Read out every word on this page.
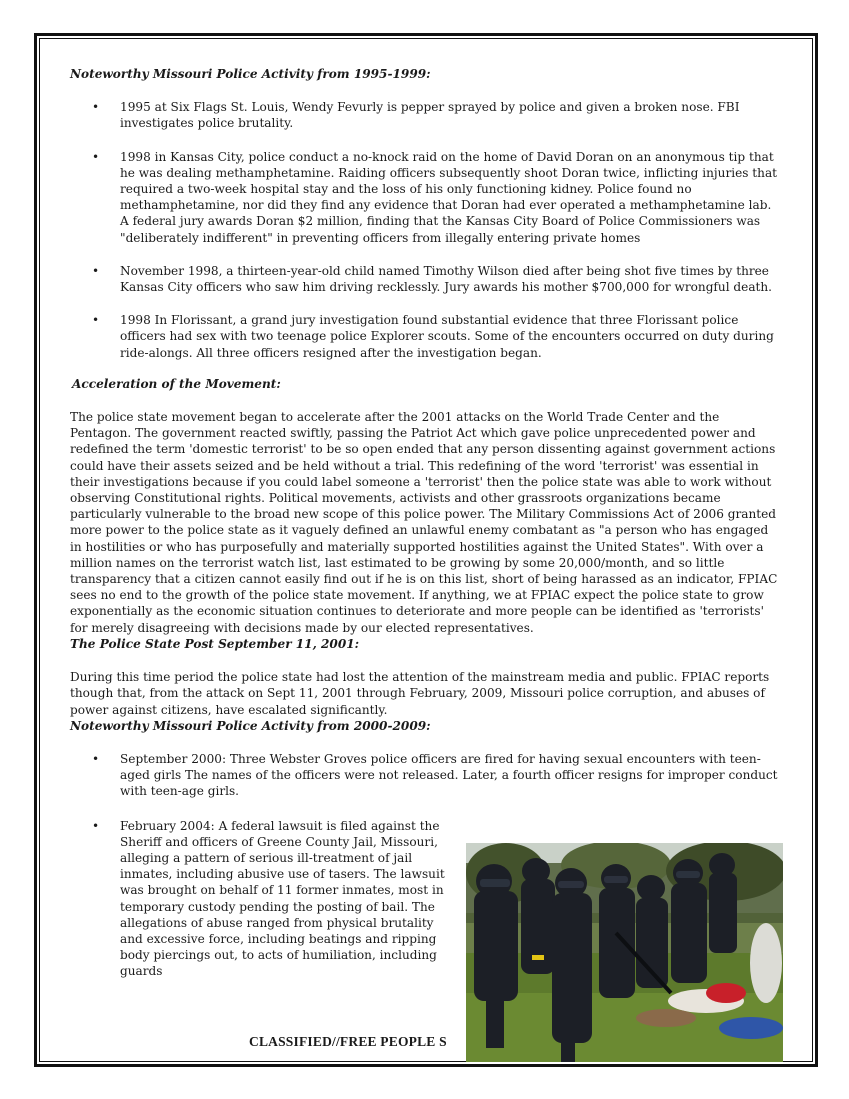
Noteworthy Missouri Police Activity from 1995-1999:

• 1995 at Six Flags St. Louis, Wendy Fevurly is pepper sprayed by police and given a broken nose. FBI investigates police brutality.
• 1998 in Kansas City, police conduct a no-knock raid on the home of David Doran on an anonymous tip that he was dealing methamphetamine. Raiding officers subsequently shoot Doran twice, inflicting injuries that required a two-week hospital stay and the loss of his only functioning kidney. Police found no methamphetamine, nor did they find any evidence that Doran had ever operated a methamphetamine lab. A federal jury awards Doran $2 million, finding that the Kansas City Board of Police Commissioners was "deliberately indifferent" in preventing officers from illegally entering private homes
• November 1998, a thirteen-year-old child named Timothy Wilson died after being shot five times by three Kansas City officers who saw him driving recklessly. Jury awards his mother $700,000 for wrongful death.
• 1998 In Florissant, a grand jury investigation found substantial evidence that three Florissant police officers had sex with two teenage police Explorer scouts. Some of the encounters occurred on duty during ride-alongs. All three officers resigned after the investigation began.

Acceleration of the Movement:

The police state movement began to accelerate after the 2001 attacks on the World Trade Center and the Pentagon. The government reacted swiftly, passing the Patriot Act which gave police unprecedented power and redefined the term 'domestic terrorist' to be so open ended that any person dissenting against government actions could have their assets seized and be held without a trial. This redefining of the word 'terrorist' was essential in their investigations because if you could label someone a 'terrorist' then the police state was able to work without observing Constitutional rights. Political movements, activists and other grassroots organizations became particularly vulnerable to the broad new scope of this police power. The Military Commissions Act of 2006 granted more power to the police state as it vaguely defined an unlawful enemy combatant as "a person who has engaged in hostilities or who has purposefully and materially supported hostilities against the United States". With over a million names on the terrorist watch list, last estimated to be growing by some 20,000/month, and so little transparency that a citizen cannot easily find out if he is on this list, short of being harassed as an indicator, FPIAC sees no end to the growth of the police state movement. If anything, we at FPIAC expect the police state to grow exponentially as the economic situation continues to deteriorate and more people can be identified as 'terrorists' for merely disagreeing with decisions made by our elected representatives.

The Police State Post September 11, 2001:

During this time period the police state had lost the attention of the mainstream media and public. FPIAC reports though that, from the attack on Sept 11, 2001 through February, 2009, Missouri police corruption, and abuses of power against citizens, have escalated significantly.

Noteworthy Missouri Police Activity from 2000-2009:

• September 2000: Three Webster Groves police officers are fired for having sexual encounters with teen-aged girls The names of the officers were not released. Later, a fourth officer resigns for improper conduct with teen-age girls.
• February 2004: A federal lawsuit is filed against the Sheriff and officers of Greene County Jail, Missouri, alleging a pattern of serious ill-treatment of jail inmates, including abusive use of tasers. The lawsuit was brought on behalf of 11 former inmates, most in temporary custody pending the posting of bail. The allegations of abuse ranged from physical brutality and excessive force, including beatings and ripping body piercings out, to acts of humiliation, including guards
CLASSIFIED//FREE PEOPLE S
